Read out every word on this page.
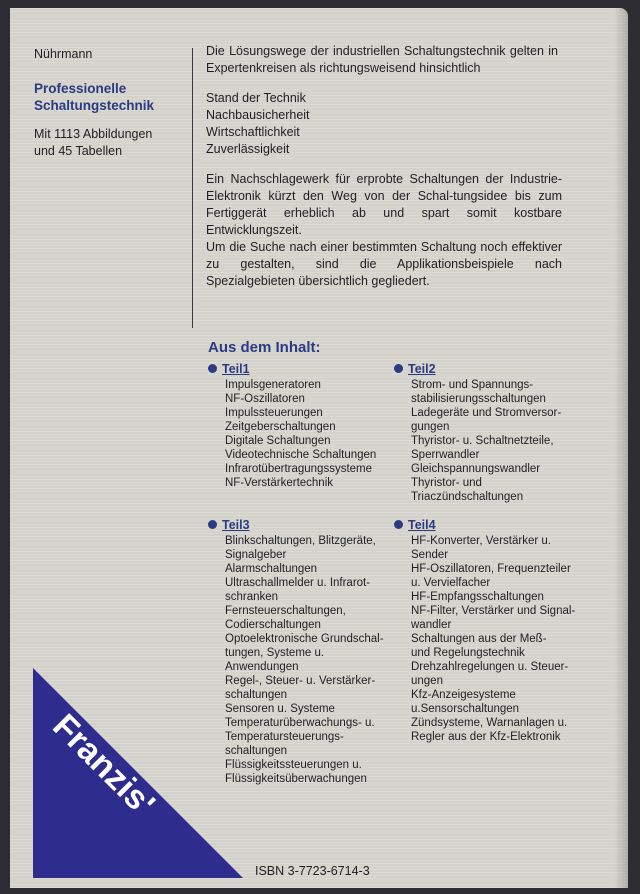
Nührmann
Professionelle
Schaltungstechnik
Mit 1113 Abbildungen
und 45 Tabellen
Die Lösungswege der industriellen Schaltungstechnik gelten in Expertenkreisen als richtungsweisend hinsichtlich
Stand der Technik
Nachbausicherheit
Wirtschaftlichkeit
Zuverlässigkeit
Ein Nachschlagewerk für erprobte Schaltungen der Industrie-Elektronik kürzt den Weg von der Schal-tungsidee bis zum Fertiggerät erheblich ab und spart somit kostbare Entwicklungszeit.
Um die Suche nach einer bestimmten Schaltung noch effektiver zu gestalten, sind die Applikationsbeispiele nach Spezialgebieten übersichtlich gegliedert.
Aus dem Inhalt:
Teil1
Impulsgeneratoren
NF-Oszillatoren
Impulssteuerungen
Zeitgeberschaltungen
Digitale Schaltungen
Videotechnische Schaltungen
Infrarotübertragungssysteme
NF-Verstärkertechnik
Teil2
Strom- und Spannungs-
stabilisierungsschaltungen
Ladegeräte und Stromversor-
gungen
Thyristor- u. Schaltnetzteile,
Sperrwandler
Gleichspannungswandler
Thyristor- und
Triaczündschaltungen
Teil3
Blinkschaltungen, Blitzgeräte,
Signalgeber
Alarmschaltungen
Ultraschallmelder u. Infrarot-
schranken
Fernsteuerschaltungen,
Codierschaltungen
Optoelektronische Grundschal-
tungen, Systeme u.
Anwendungen
Regel-, Steuer- u. Verstärker-
schaltungen
Sensoren u. Systeme
Temperaturüberwachungs- u.
Temperatursteuerungs-
schaltungen
Flüssigkeitssteuerungen u.
Flüssigkeitsüberwachungen
Teil4
HF-Konverter, Verstärker u.
Sender
HF-Oszillatoren, Frequenzteiler
u. Vervielfacher
HF-Empfangsschaltungen
NF-Filter, Verstärker und Signal-
wandler
Schaltungen aus der Meß-
und Regelungstechnik
Drehzahlregelungen u. Steuer-
ungen
Kfz-Anzeigesysteme
u.Sensorschaltungen
Zündsysteme, Warnanlagen u.
Regler aus der Kfz-Elektronik
Franzis'
ISBN 3-7723-6714-3
